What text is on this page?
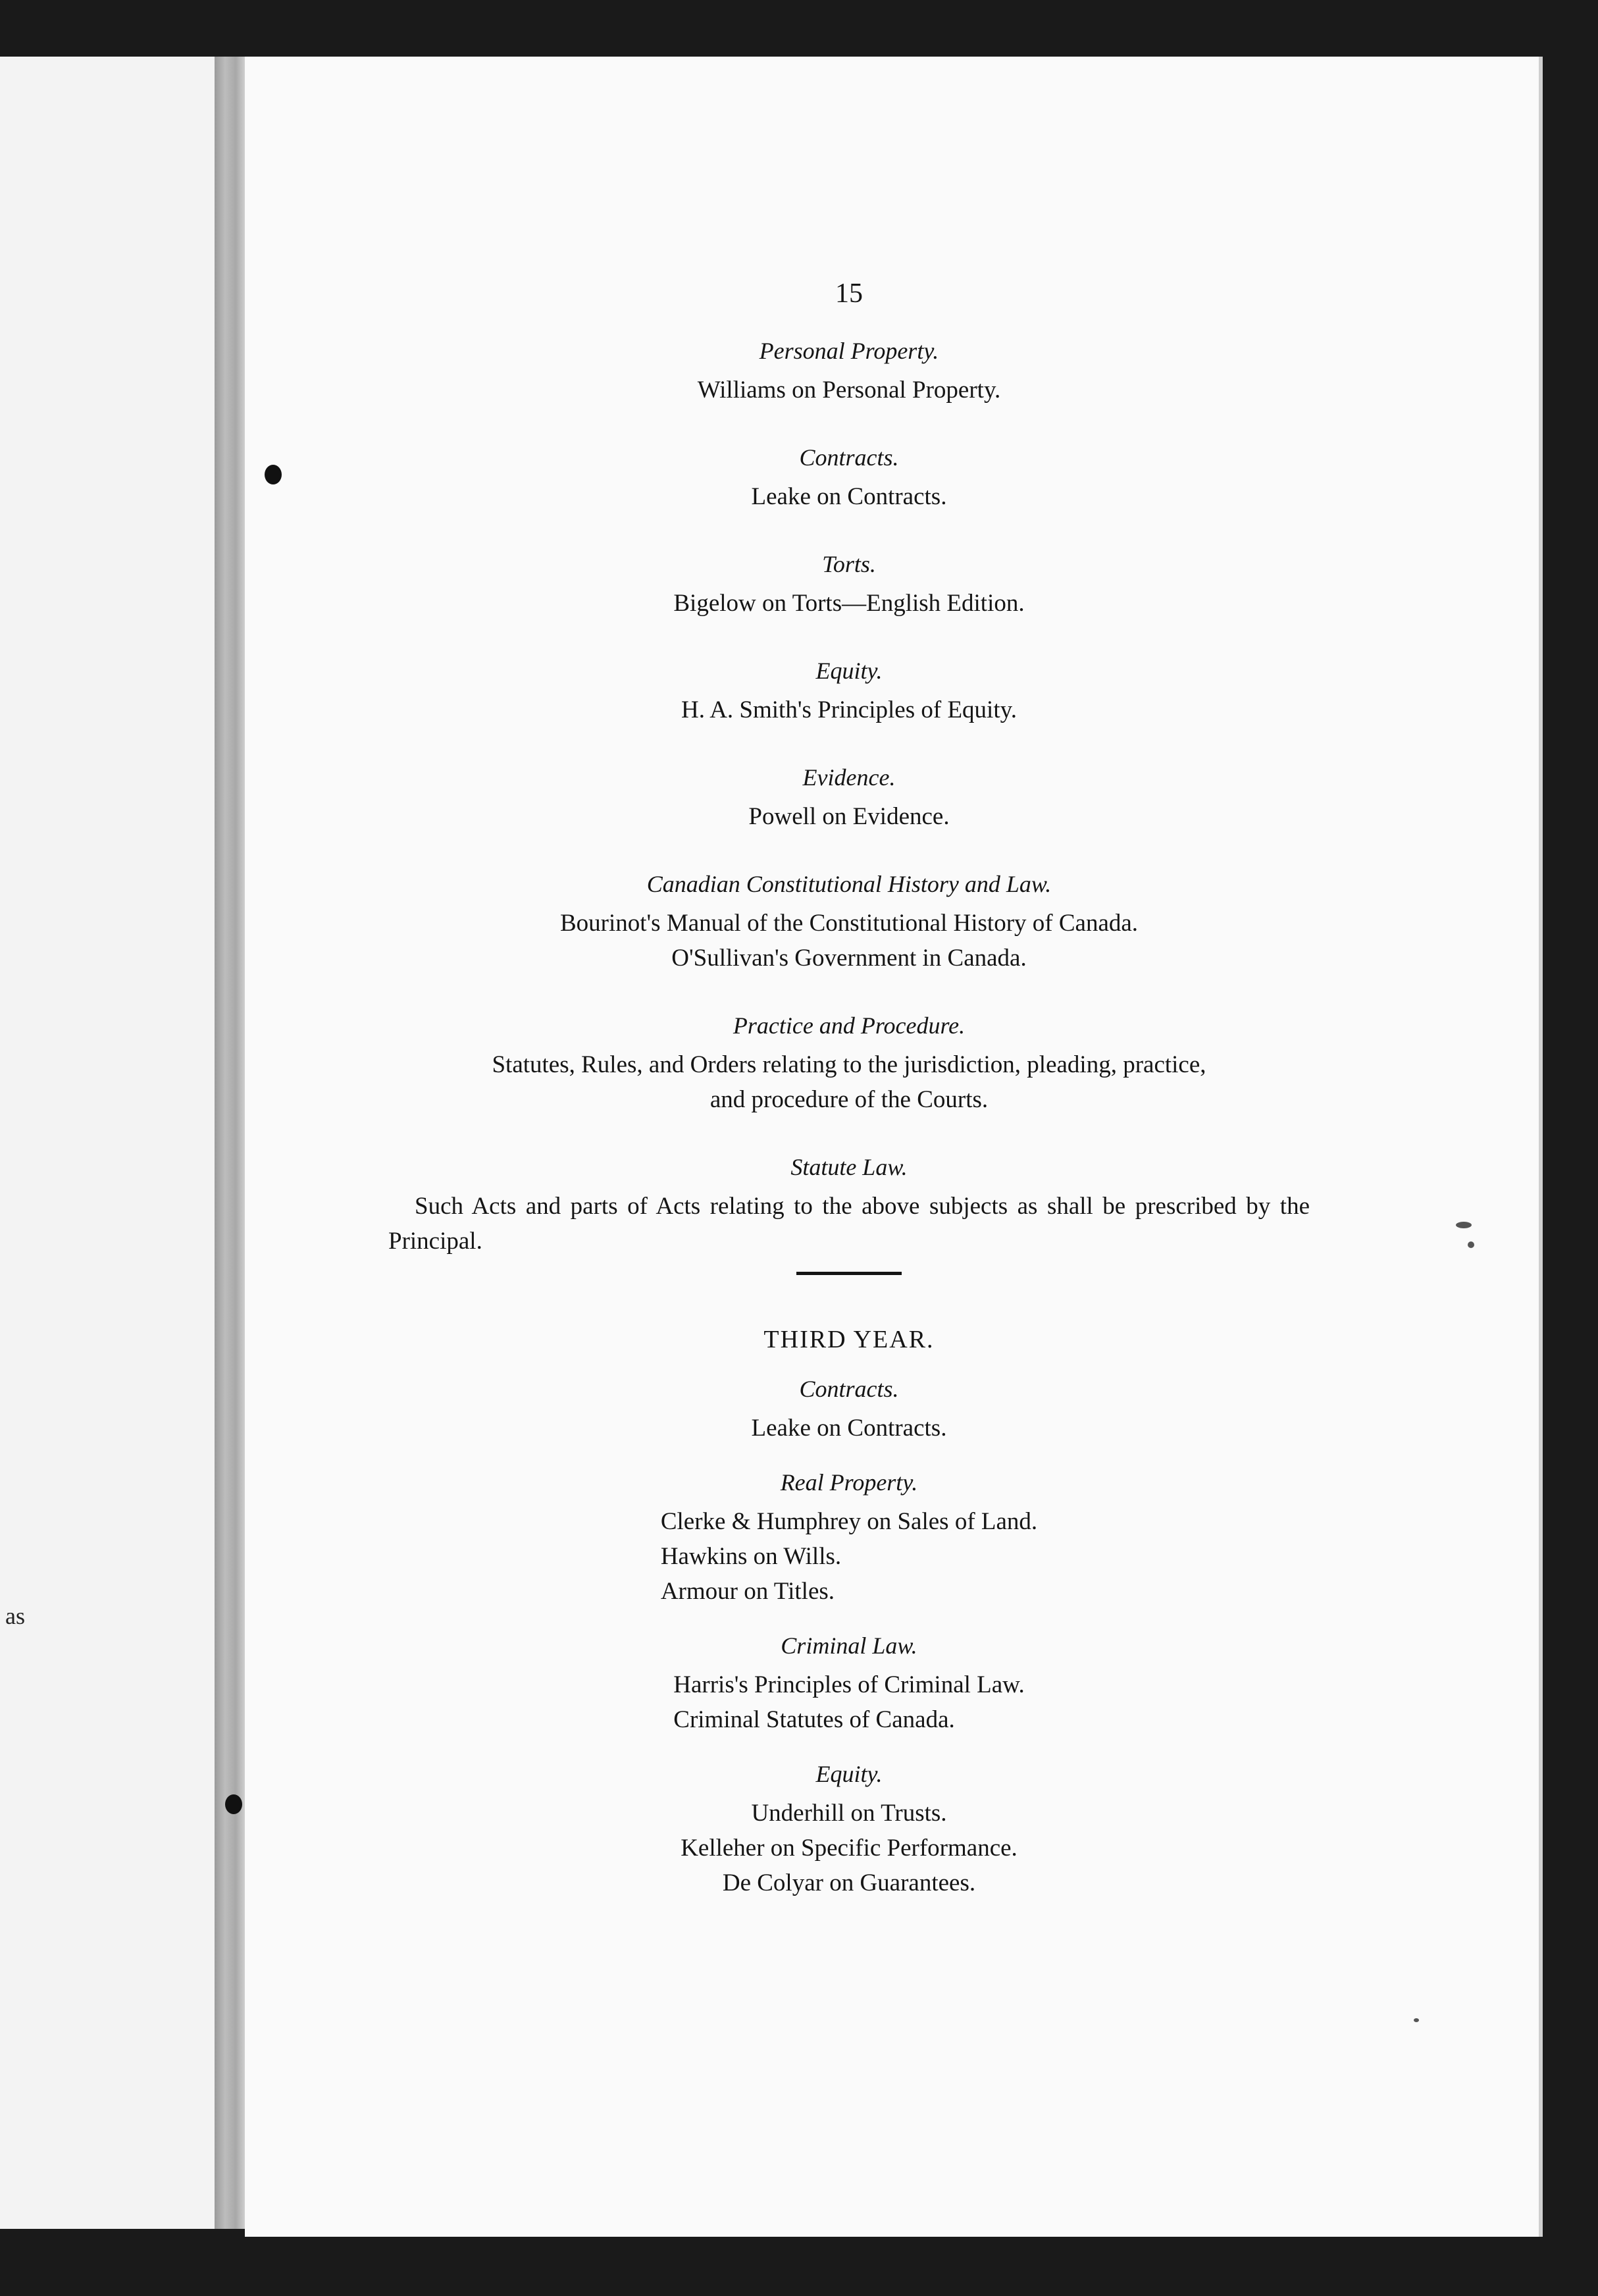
as
15
Personal Property.
Williams on Personal Property.
Contracts.
Leake on Contracts.
Torts.
Bigelow on Torts—English Edition.
Equity.
H. A. Smith's Principles of Equity.
Evidence.
Powell on Evidence.
Canadian Constitutional History and Law.
Bourinot's Manual of the Constitutional History of Canada.
O'Sullivan's Government in Canada.
Practice and Procedure.
Statutes, Rules, and Orders relating to the jurisdiction, pleading, practice,
and procedure of the Courts.
Statute Law.
Such Acts and parts of Acts relating to the above subjects as shall be prescribed by the Principal.
THIRD YEAR.
Contracts.
Leake on Contracts.
Real Property.
Clerke & Humphrey on Sales of Land.
Hawkins on Wills.
Armour on Titles.
Criminal Law.
Harris's Principles of Criminal Law.
Criminal Statutes of Canada.
Equity.
Underhill on Trusts.
Kelleher on Specific Performance.
De Colyar on Guarantees.
